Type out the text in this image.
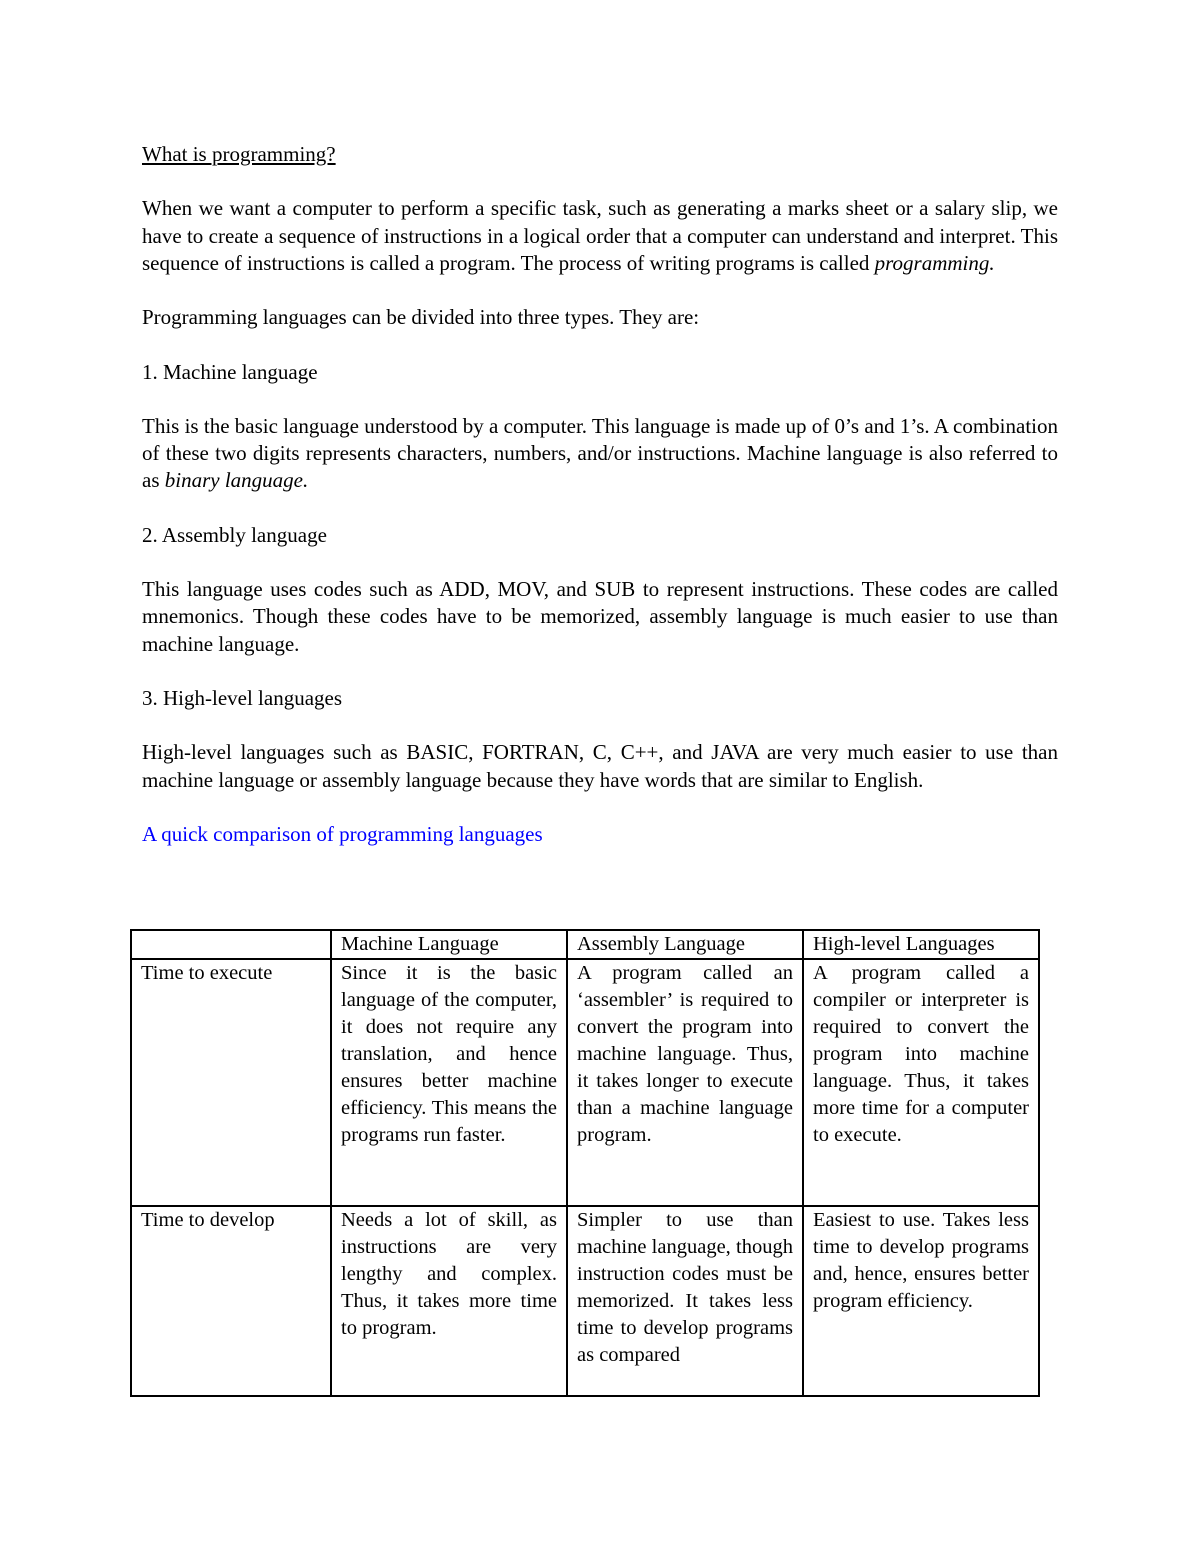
What is programming?

When we want a computer to perform a specific task, such as generating a marks sheet or a salary slip, we have to create a sequence of instructions in a logical order that a computer can understand and interpret. This sequence of instructions is called a program. The process of writing programs is called programming.

Programming languages can be divided into three types. They are:

1. Machine language

This is the basic language understood by a computer. This language is made up of 0’s and 1’s. A combination of these two digits represents characters, numbers, and/or instructions. Machine language is also referred to as binary language.

2. Assembly language

This language uses codes such as ADD, MOV, and SUB to represent instructions. These codes are called mnemonics. Though these codes have to be memorized, assembly language is much easier to use than machine language.

3. High-level languages

High-level languages such as BASIC, FORTRAN, C, C++, and JAVA are very much easier to use than machine language or assembly language because they have words that are similar to English.

A quick comparison of programming languages

	Machine Language	Assembly Language	High-level Languages
Time to execute	Since it is the basic language of the computer, it does not require any translation, and hence ensures better machine efficiency. This means the programs run faster.	A program called an ‘assembler’ is required to convert the program into machine language. Thus, it takes longer to execute than a machine language program.	A program called a compiler or interpreter is required to convert the program into machine language. Thus, it takes more time for a computer to execute.
Time to develop	Needs a lot of skill, as instructions are very lengthy and complex. Thus, it takes more time to program.	Simpler to use than machine language, though instruction codes must be memorized. It takes less time to develop programs as compared	Easiest to use. Takes less time to develop programs and, hence, ensures better program efficiency.
